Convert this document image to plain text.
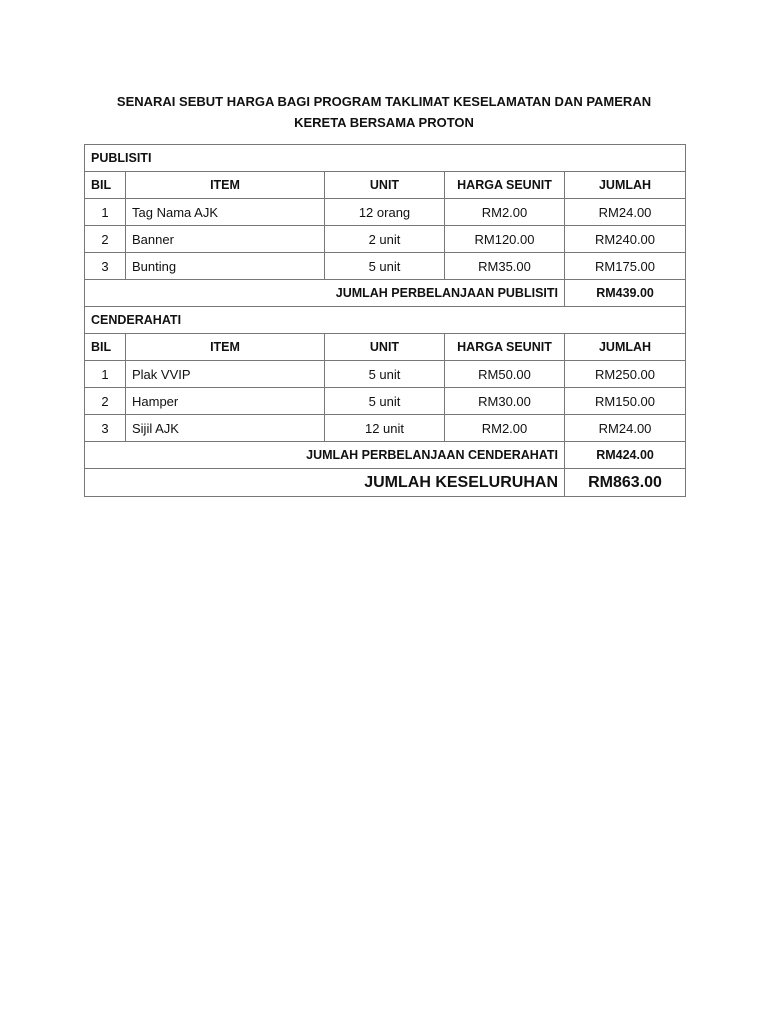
SENARAI SEBUT HARGA BAGI PROGRAM TAKLIMAT KESELAMATAN DAN PAMERAN
KERETA BERSAMA PROTON
PUBLISITI				
BIL	ITEM	UNIT	HARGA SEUNIT	JUMLAH
1	Tag Nama AJK	12 orang	RM2.00	RM24.00
2	Banner	2 unit	RM120.00	RM240.00
3	Bunting	5 unit	RM35.00	RM175.00
JUMLAH PERBELANJAAN PUBLISITI				RM439.00
CENDERAHATI				
BIL	ITEM	UNIT	HARGA SEUNIT	JUMLAH
1	Plak VVIP	5 unit	RM50.00	RM250.00
2	Hamper	5 unit	RM30.00	RM150.00
3	Sijil AJK	12 unit	RM2.00	RM24.00
JUMLAH PERBELANJAAN CENDERAHATI				RM424.00
JUMLAH KESELURUHAN				RM863.00
